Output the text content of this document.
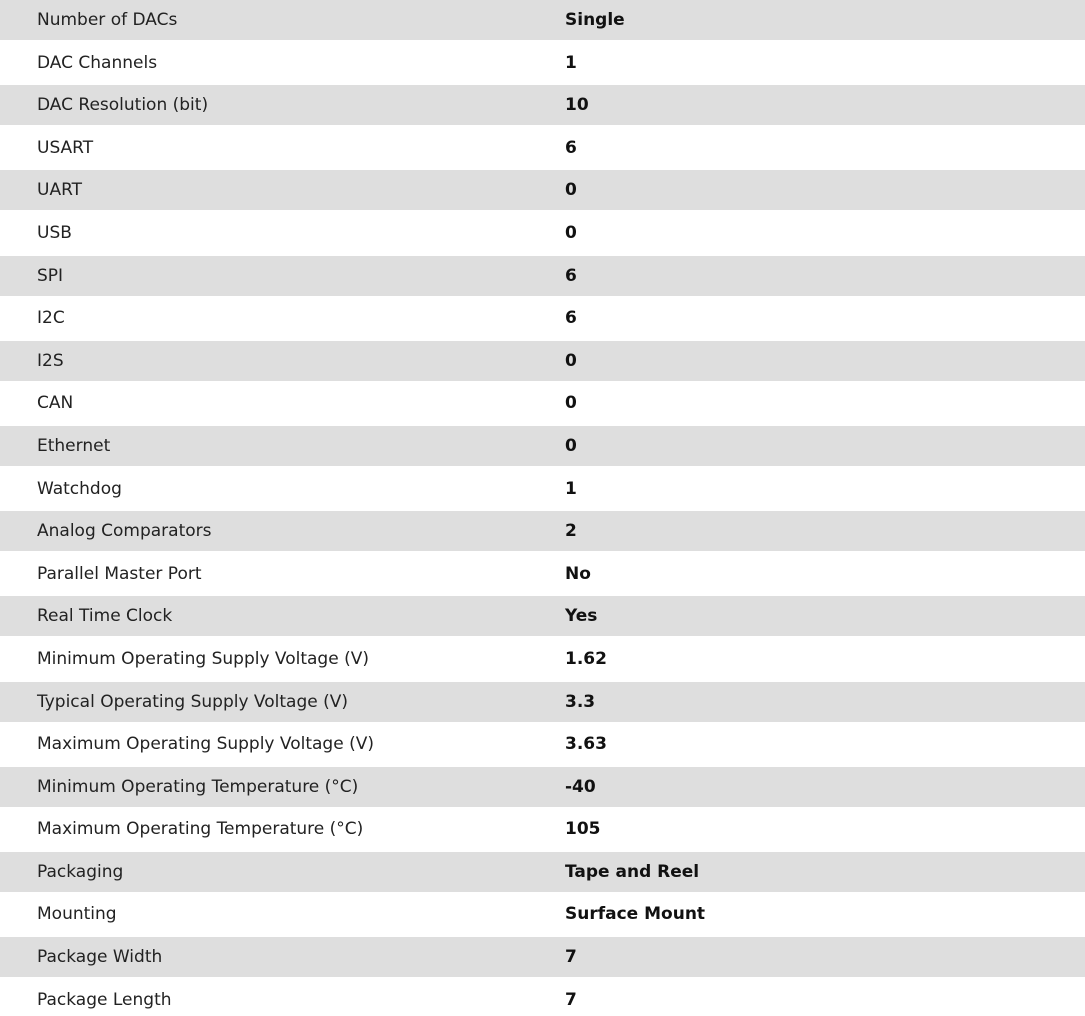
Number of DACs	Single
DAC Channels	1
DAC Resolution (bit)	10
USART	6
UART	0
USB	0
SPI	6
I2C	6
I2S	0
CAN	0
Ethernet	0
Watchdog	1
Analog Comparators	2
Parallel Master Port	No
Real Time Clock	Yes
Minimum Operating Supply Voltage (V)	1.62
Typical Operating Supply Voltage (V)	3.3
Maximum Operating Supply Voltage (V)	3.63
Minimum Operating Temperature (°C)	-40
Maximum Operating Temperature (°C)	105
Packaging	Tape and Reel
Mounting	Surface Mount
Package Width	7
Package Length	7
